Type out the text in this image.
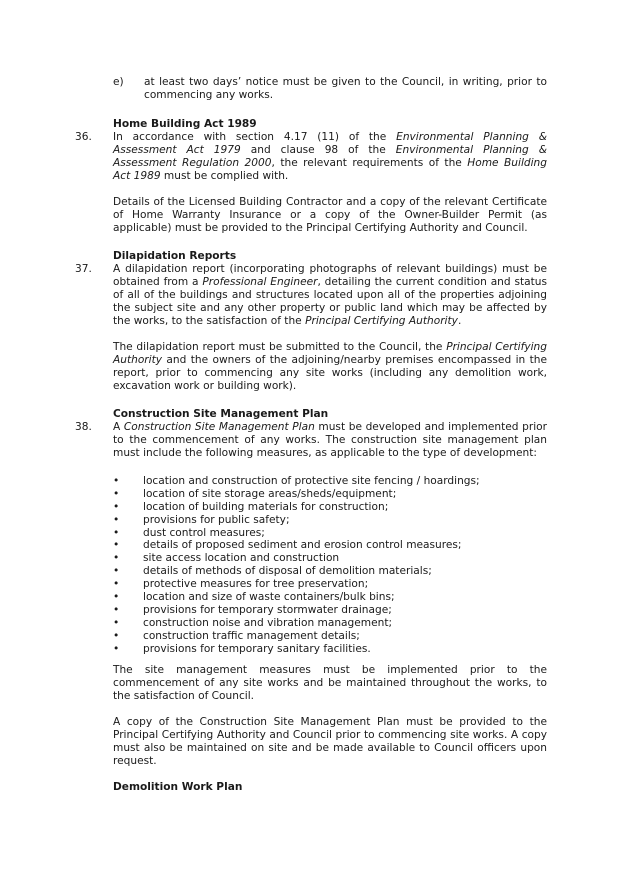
e) at least two days’ notice must be given to the Council, in writing, prior to commencing any works.
Home Building Act 1989
36. In accordance with section 4.17 (11) of the Environmental Planning & Assessment Act 1979 and clause 98 of the Environmental Planning & Assessment Regulation 2000, the relevant requirements of the Home Building Act 1989 must be complied with.
Details of the Licensed Building Contractor and a copy of the relevant Certificate of Home Warranty Insurance or a copy of the Owner-Builder Permit (as applicable) must be provided to the Principal Certifying Authority and Council.
Dilapidation Reports
37. A dilapidation report (incorporating photographs of relevant buildings) must be obtained from a Professional Engineer, detailing the current condition and status of all of the buildings and structures located upon all of the properties adjoining the subject site and any other property or public land which may be affected by the works, to the satisfaction of the Principal Certifying Authority.
The dilapidation report must be submitted to the Council, the Principal Certifying Authority and the owners of the adjoining/nearby premises encompassed in the report, prior to commencing any site works (including any demolition work, excavation work or building work).
Construction Site Management Plan
38. A Construction Site Management Plan must be developed and implemented prior to the commencement of any works. The construction site management plan must include the following measures, as applicable to the type of development:
• location and construction of protective site fencing / hoardings;
• location of site storage areas/sheds/equipment;
• location of building materials for construction;
• provisions for public safety;
• dust control measures;
• details of proposed sediment and erosion control measures;
• site access location and construction
• details of methods of disposal of demolition materials;
• protective measures for tree preservation;
• location and size of waste containers/bulk bins;
• provisions for temporary stormwater drainage;
• construction noise and vibration management;
• construction traffic management details;
• provisions for temporary sanitary facilities.
The site management measures must be implemented prior to the commencement of any site works and be maintained throughout the works, to the satisfaction of Council.
A copy of the Construction Site Management Plan must be provided to the Principal Certifying Authority and Council prior to commencing site works. A copy must also be maintained on site and be made available to Council officers upon request.
Demolition Work Plan
